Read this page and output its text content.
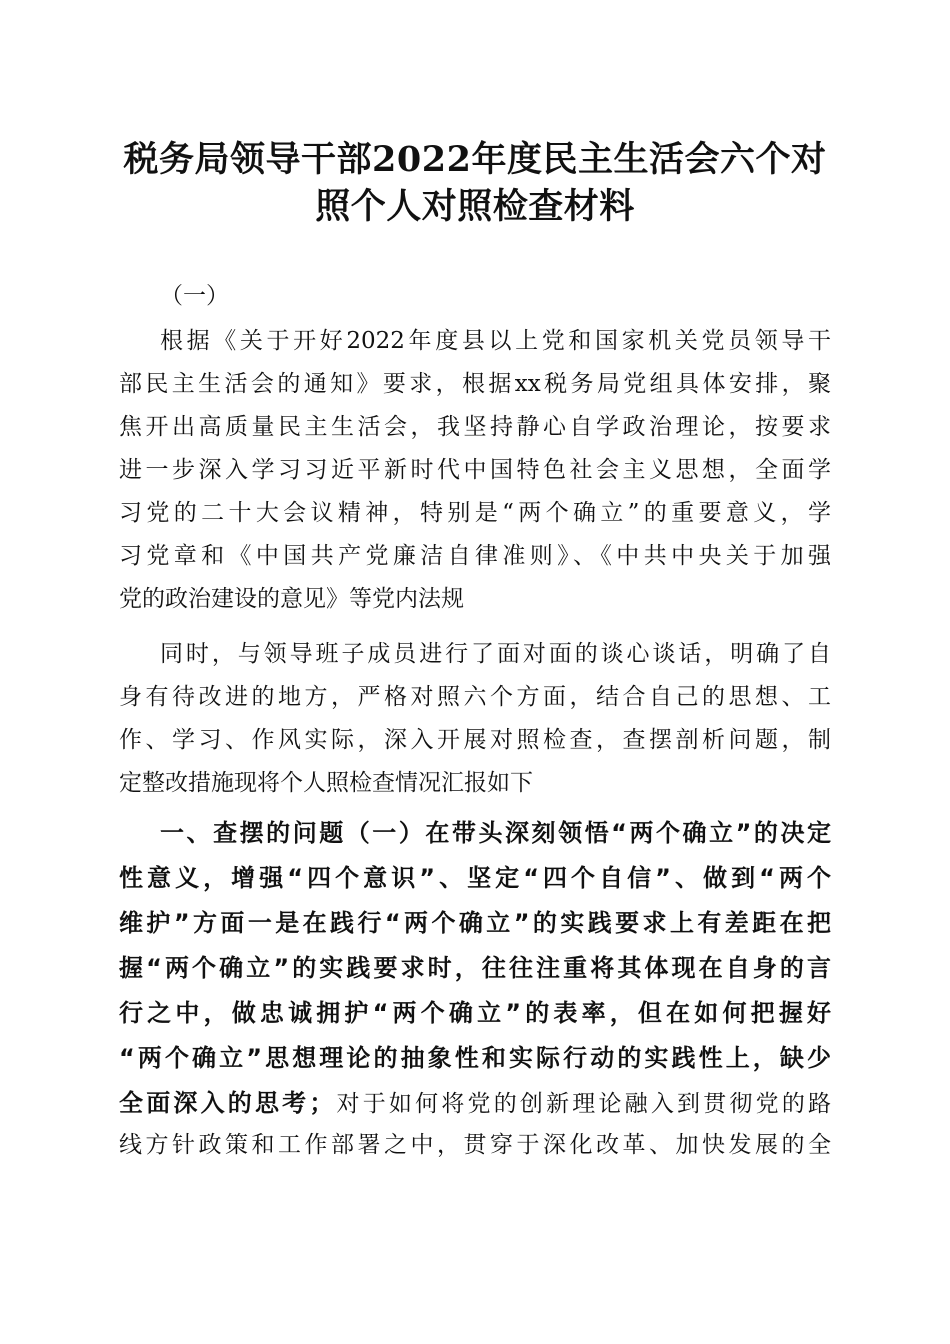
税务局领导干部2022年度民主生活会六个对
照个人对照检查材料
（一）
根据《关于开好2022年度县以上党和国家机关党员领导干
部民主生活会的通知》要求，根据xx税务局党组具体安排，聚
焦开出高质量民主生活会，我坚持静心自学政治理论，按要求
进一步深入学习习近平新时代中国特色社会主义思想，全面学
习党的二十大会议精神，特别是“两个确立”的重要意义，学
习党章和《中国共产党廉洁自律准则》、《中共中央关于加强
党的政治建设的意见》等党内法规
同时，与领导班子成员进行了面对面的谈心谈话，明确了自
身有待改进的地方，严格对照六个方面，结合自己的思想、工
作、学习、作风实际，深入开展对照检查，查摆剖析问题，制
定整改措施现将个人照检查情况汇报如下
一、查摆的问题（一）在带头深刻领悟“两个确立”的决定
性意义，增强“四个意识”、坚定“四个自信”、做到“两个
维护”方面一是在践行“两个确立”的实践要求上有差距在把
握“两个确立”的实践要求时，往往注重将其体现在自身的言
行之中，做忠诚拥护“两个确立”的表率，但在如何把握好
“两个确立”思想理论的抽象性和实际行动的实践性上，缺少
全面深入的思考；对于如何将党的创新理论融入到贯彻党的路
线方针政策和工作部署之中，贯穿于深化改革、加快发展的全
